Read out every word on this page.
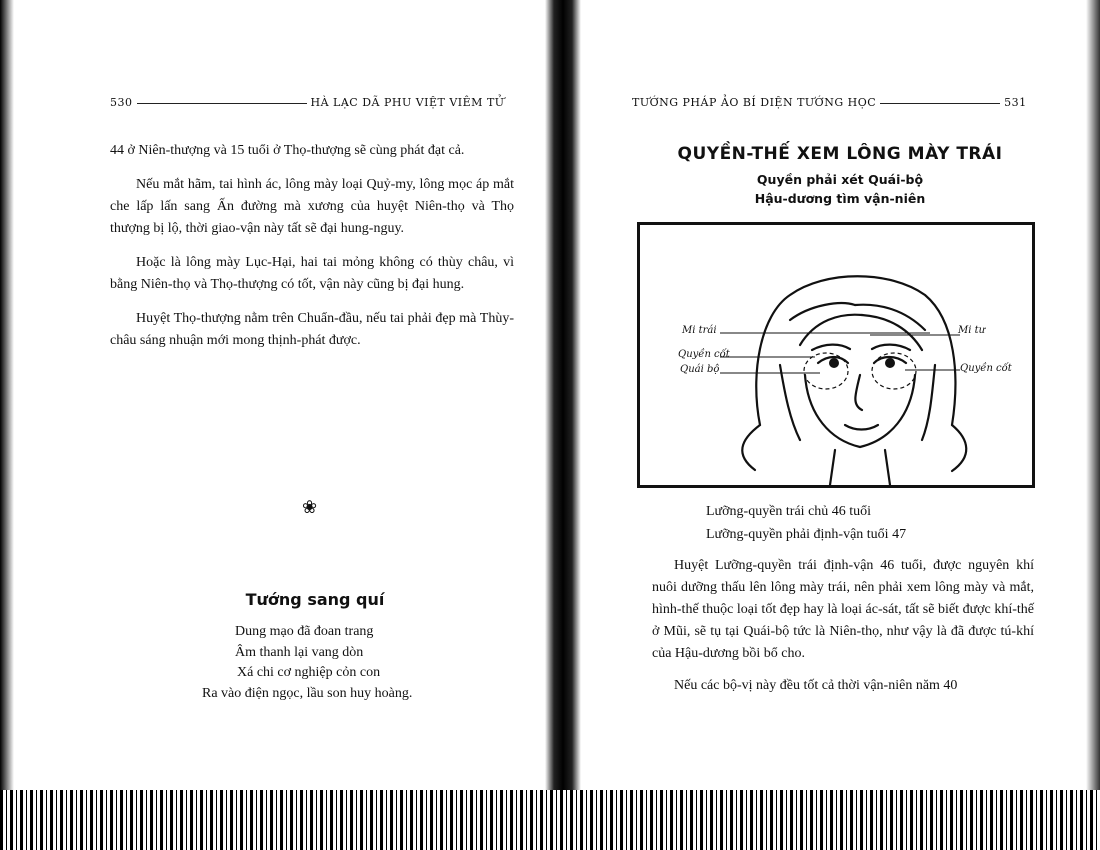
530	HÀ LẠC DÃ PHU VIỆT VIÊM TỬ

44 ở Niên-thượng và 15 tuổi ở Thọ-thượng sẽ cùng phát đạt cả.

Nếu mắt hãm, tai hình ác, lông mày loại Quỷ-my, lông mọc áp mắt che lấp lấn sang Ấn đường mà xương của huyệt Niên-thọ và Thọ thượng bị lộ, thời giao-vận này tất sẽ đại hung-nguy.

Hoặc là lông mày Lục-Hại, hai tai mỏng không có thùy châu, vì bằng Niên-thọ và Thọ-thượng có tốt, vận này cũng bị đại hung.

Huyệt Thọ-thượng nằm trên Chuẩn-đầu, nếu tai phải đẹp mà Thùy-châu sáng nhuận mới mong thịnh-phát được.

❀
Tướng sang quí
Dung mạo đã đoan trang
Âm thanh lại vang dòn
Xá chi cơ nghiệp cỏn con
Ra vào điện ngọc, lầu son huy hoàng.
TƯỚNG PHÁP ẢO BÍ DIỆN TƯỚNG HỌC	531
QUYỀN-THẾ XEM LÔNG MÀY TRÁI
Quyền phải xét Quái-bộ
Hậu-dương tìm vận-niên
Mi trái	Mi tư
Quyền cốt
Quái bộ	Quyền cốt
Lưỡng-quyền trái chủ 46 tuổi
Lưỡng-quyền phải định-vận tuổi 47

Huyệt Lưỡng-quyền trái định-vận 46 tuổi, được nguyên khí nuôi dưỡng thấu lên lông mày trái, nên phải xem lông mày và mắt, hình-thế thuộc loại tốt đẹp hay là loại ác-sát, tất sẽ biết được khí-thế ở Mũi, sẽ tụ tại Quái-bộ tức là Niên-thọ, như vậy là đã được tú-khí của Hậu-dương bồi bổ cho.

Nếu các bộ-vị này đều tốt cả thời vận-niên năm 40
